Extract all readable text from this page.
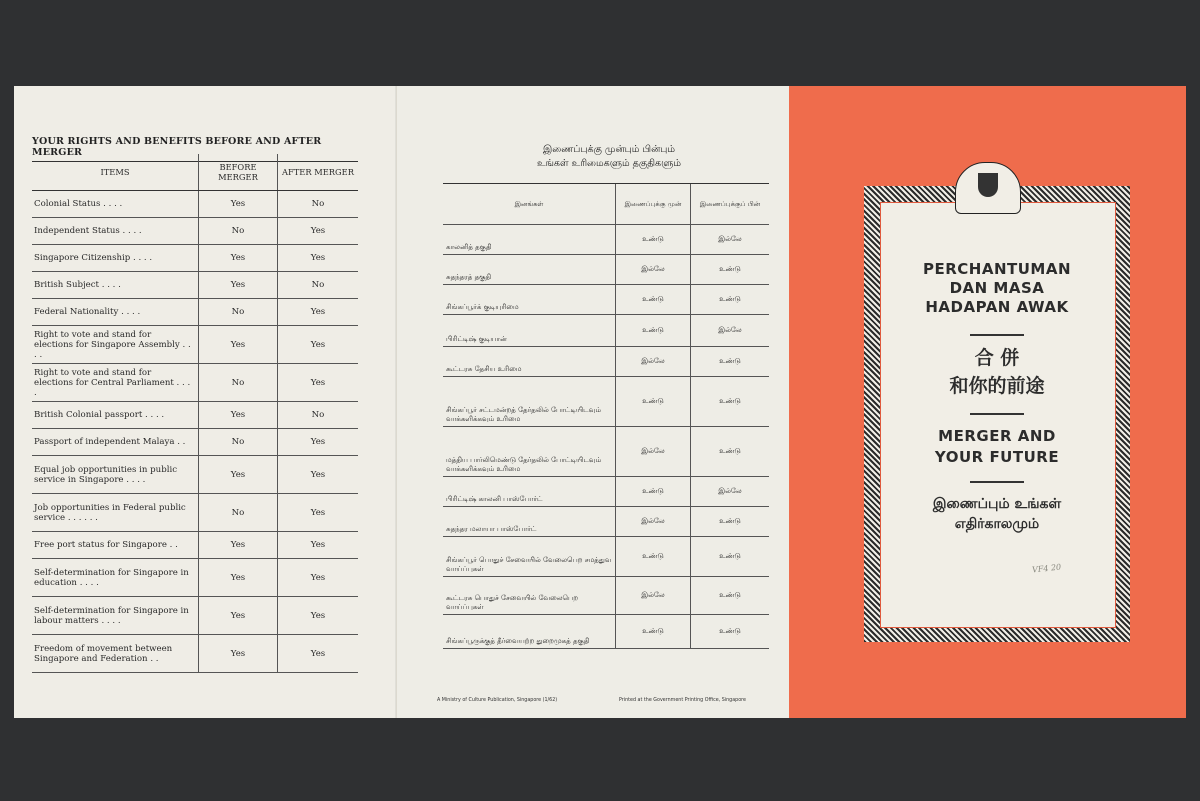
YOUR RIGHTS AND BENEFITS BEFORE AND AFTER MERGER
ITEMS	BEFORE MERGER	AFTER MERGER
Colonial Status . . . .	Yes	No
Independent Status . . . .	No	Yes
Singapore Citizenship . . . .	Yes	Yes
British Subject . . . .	Yes	No
Federal Nationality . . . .	No	Yes
Right to vote and stand for elections for Singapore Assembly . . . .	Yes	Yes
Right to vote and stand for elections for Central Parliament . . . .	No	Yes
British Colonial passport . . . .	Yes	No
Passport of independent Malaya . .	No	Yes
Equal job opportunities in public service in Singapore . . . .	Yes	Yes
Job opportunities in Federal public service . . . . . .	No	Yes
Free port status for Singapore . .	Yes	Yes
Self-determination for Singapore in education . . . .	Yes	Yes
Self-determination for Singapore in labour matters . . . .	Yes	Yes
Freedom of movement between Singapore and Federation . .	Yes	Yes
இணைப்புக்கு முன்பும் பின்பும்
உங்கள் உரிமைகளும் தகுதிகளும்
இனங்கள்	இணைப்புக்கு முன்	இணைப்புக்குப் பின்
காலனித் தகுதி	உண்டு	இல்லே
சுதந்தரத் தகுதி	இல்லே	உண்டு
சிங்கப்பூர்க் குடியுரிமை	உண்டு	உண்டு
பிரிட்டிஷ் குடியான்	உண்டு	இல்லே
கூட்டரசு தேசிய உரிமை	இல்லே	உண்டு
சிங்கப்பூர் சட்டமன்றத் தேர்தலில் போட்டியிடவும் வாக்களிக்கவும் உரிமை	உண்டு	உண்டு
மத்திய பார்லிமெண்டு தேர்தலில் போட்டியிடவும் வாக்களிக்கவும் உரிமை	இல்லே	உண்டு
பிரிட்டிஷ் காலனி பாஸ்போர்ட்	உண்டு	இல்லே
சுதந்தர மலாயா பாஸ்போர்ட்	இல்லே	உண்டு
சிங்கப்பூர் பொதுச் சேவையில் வேலைபெற சமத்துவ வாய்ப்புகள்	உண்டு	உண்டு
கூட்டரசு பொதுச் சேவையில் வேலைபெற வாய்ப்புகள்	இல்லே	உண்டு
சிங்கப்பூருக்குத் தீர்வையற்ற துறைமுகத் தகுதி	உண்டு	உண்டு
A Ministry of Culture Publication, Singapore (1/62)	Printed at the Government Printing Office, Singapore
PERCHANTUMAN
DAN MASA
HADAPAN AWAK
合 併
和你的前途
MERGER AND
YOUR FUTURE
இணைப்பும் உங்கள்
எதிர்காலமும்
VF4 20
